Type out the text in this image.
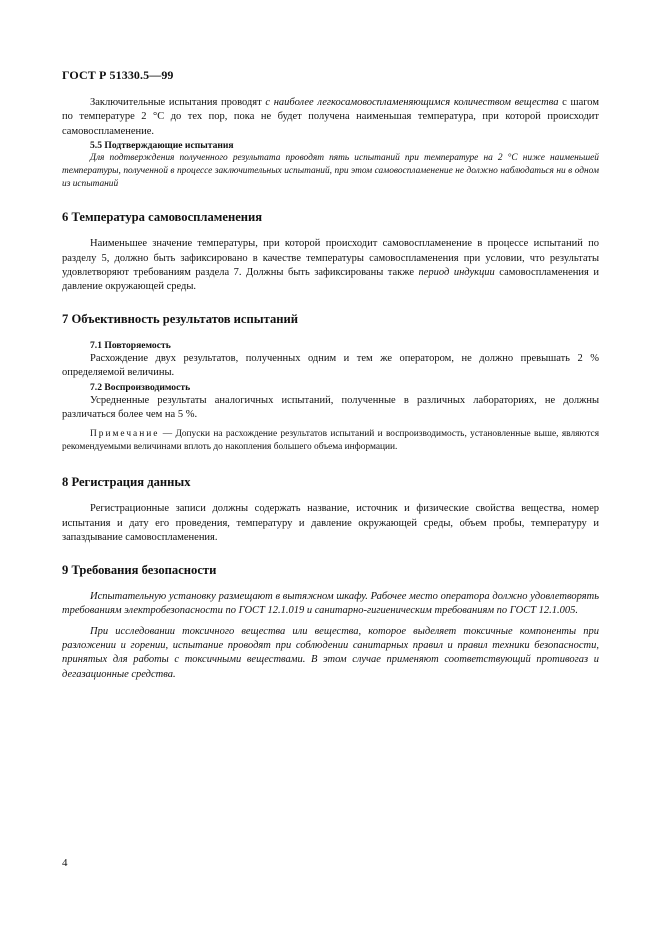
ГОСТ Р 51330.5—99

Заключительные испытания проводят с наиболее легкосамовоспламеняющимся количеством вещества с шагом по температуре 2 °С до тех пор, пока не будет получена наименьшая температура, при которой происходит самовоспламенение.

5.5 Подтверждающие испытания

Для подтверждения полученного результата проводят пять испытаний при температуре на 2 °С ниже наименьшей температуры, полученной в процессе заключительных испытаний, при этом самовоспламенение не должно наблюдаться ни в одном из испытаний

6 Температура самовоспламенения

Наименьшее значение температуры, при которой происходит самовоспламенение в процессе испытаний по разделу 5, должно быть зафиксировано в качестве температуры самовоспламенения при условии, что результаты удовлетворяют требованиям раздела 7. Должны быть зафиксированы также период индукции самовоспламенения и давление окружающей среды.

7 Объективность результатов испытаний

7.1 Повторяемость

Расхождение двух результатов, полученных одним и тем же оператором, не должно превышать 2 % определяемой величины.

7.2 Воспроизводимость

Усредненные результаты аналогичных испытаний, полученные в различных лабораториях, не должны различаться более чем на 5 %.

Примечание — Допуски на расхождение результатов испытаний и воспроизводимость, установленные выше, являются рекомендуемыми величинами вплоть до накопления большего объема информации.

8 Регистрация данных

Регистрационные записи должны содержать название, источник и физические свойства вещества, номер испытания и дату его проведения, температуру и давление окружающей среды, объем пробы, температуру и запаздывание самовоспламенения.

9 Требования безопасности

Испытательную установку размещают в вытяжном шкафу. Рабочее место оператора должно удовлетворять требованиям электробезопасности по ГОСТ 12.1.019 и санитарно-гигиеническим требованиям по ГОСТ 12.1.005.

При исследовании токсичного вещества или вещества, которое выделяет токсичные компоненты при разложении и горении, испытание проводят при соблюдении санитарных правил и правил техники безопасности, принятых для работы с токсичными веществами. В этом случае применяют соответствующий противогаз и дегазационные средства.

4
